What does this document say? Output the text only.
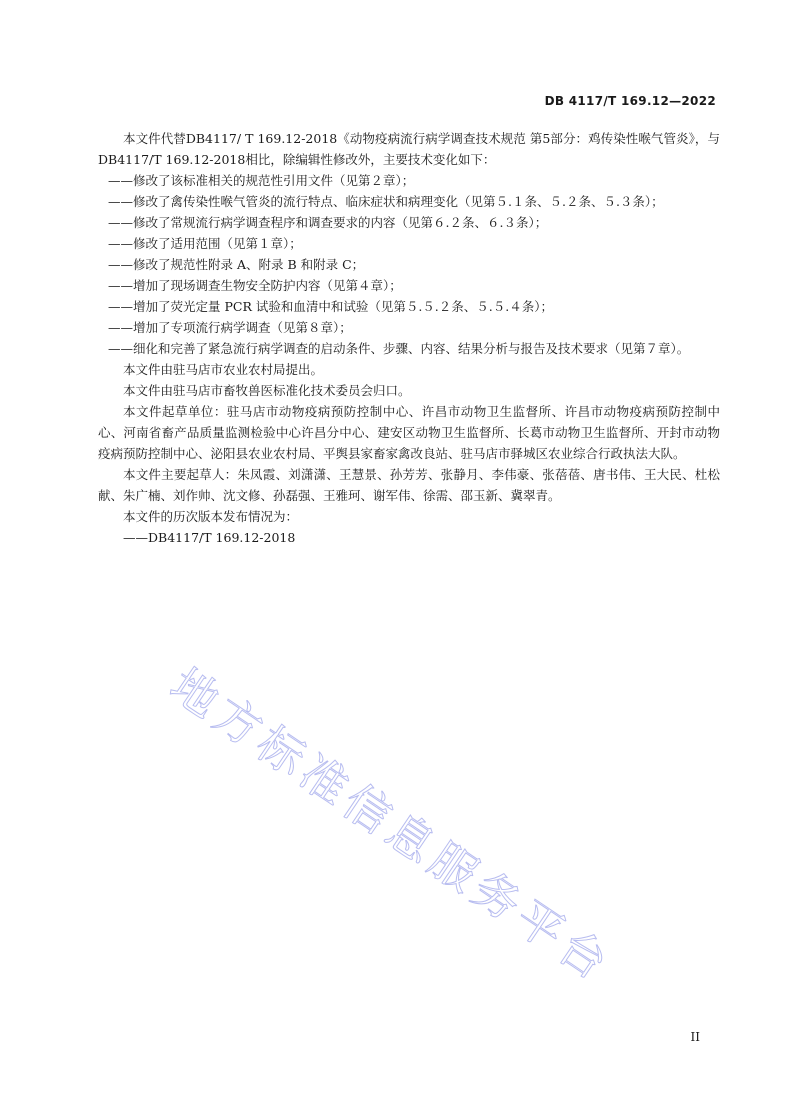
DB 4117/T 169.12—2022

本文件代替DB4117/ T 169.12-2018《动物疫病流行病学调查技术规范 第5部分：鸡传染性喉气管炎》，与DB4117/T 169.12-2018相比，除编辑性修改外，主要技术变化如下：

——修改了该标准相关的规范性引用文件（见第２章）；

——修改了禽传染性喉气管炎的流行特点、临床症状和病理变化（见第５.１条、５.２条、５.３条）；

——修改了常规流行病学调查程序和调查要求的内容（见第６.２条、６.３条）；

——修改了适用范围（见第１章）；

——修改了规范性附录 A、附录 B 和附录 C；

——增加了现场调查生物安全防护内容（见第４章）；

——增加了荧光定量 PCR 试验和血清中和试验（见第５.５.２条、５.５.４条）；

——增加了专项流行病学调查（见第８章）；

——细化和完善了紧急流行病学调查的启动条件、步骤、内容、结果分析与报告及技术要求（见第７章）。

本文件由驻马店市农业农村局提出。

本文件由驻马店市畜牧兽医标准化技术委员会归口。

本文件起草单位：驻马店市动物疫病预防控制中心、许昌市动物卫生监督所、许昌市动物疫病预防控制中心、河南省畜产品质量监测检验中心许昌分中心、建安区动物卫生监督所、长葛市动物卫生监督所、开封市动物疫病预防控制中心、泌阳县农业农村局、平舆县家畜家禽改良站、驻马店市驿城区农业综合行政执法大队。

本文件主要起草人：朱凤霞、刘潇潇、王慧景、孙芳芳、张静月、李伟豪、张蓓蓓、唐书伟、王大民、杜松献、朱广楠、刘作帅、沈文修、孙磊强、王雅珂、谢军伟、徐需、邵玉新、冀翠青。

本文件的历次版本发布情况为：

——DB4117/T 169.12-2018

地方标准信息服务平台
II
